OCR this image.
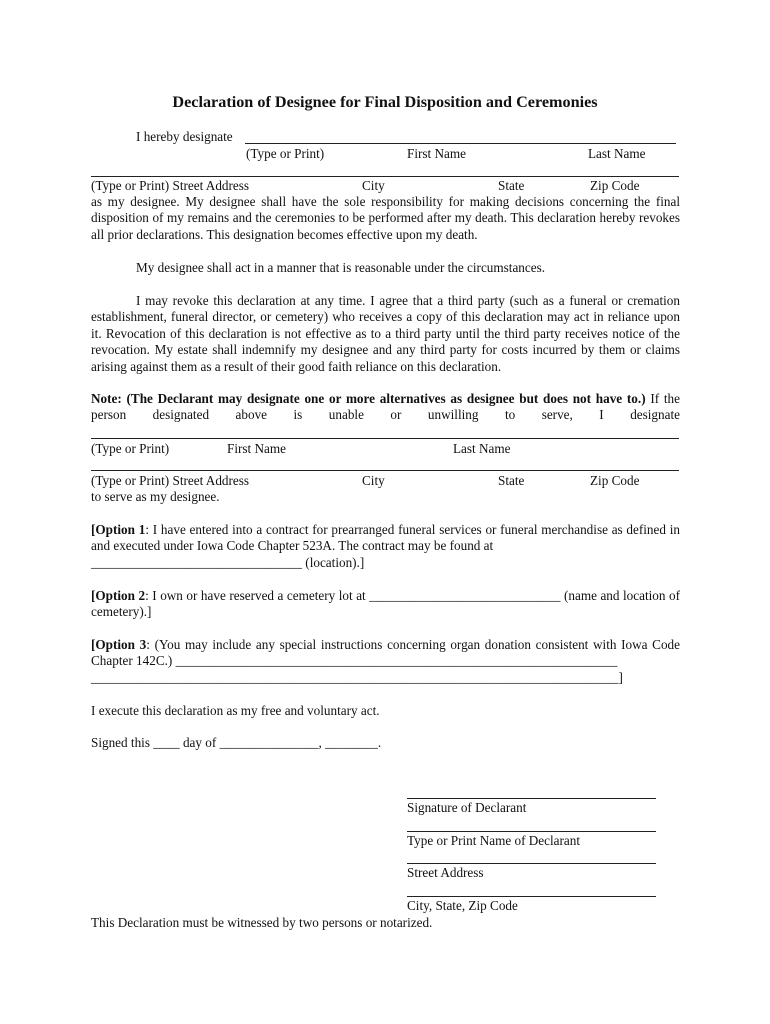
Declaration of Designee for Final Disposition and Ceremonies
I hereby designate
(Type or Print)	First Name	Last Name
(Type or Print) Street Address	City	State	Zip Code
as my designee. My designee shall have the sole responsibility for making decisions concerning the final disposition of my remains and the ceremonies to be performed after my death. This declaration hereby revokes all prior declarations. This designation becomes effective upon my death.
My designee shall act in a manner that is reasonable under the circumstances.
I may revoke this declaration at any time. I agree that a third party (such as a funeral or cremation establishment, funeral director, or cemetery) who receives a copy of this declaration may act in reliance upon it. Revocation of this declaration is not effective as to a third party until the third party receives notice of the revocation. My estate shall indemnify my designee and any third party for costs incurred by them or claims arising against them as a result of their good faith reliance on this declaration.
Note: (The Declarant may designate one or more alternatives as designee but does not have to.) If the person designated above is unable or unwilling to serve, I designate
(Type or Print)	First Name	Last Name
(Type or Print) Street Address	City	State	Zip Code
to serve as my designee.
[Option 1: I have entered into a contract for prearranged funeral services or funeral merchandise as defined in and executed under Iowa Code Chapter 523A. The contract may be found at
________________________________ (location).]
[Option 2: I own or have reserved a cemetery lot at _____________________________ (name and location of cemetery).]
[Option 3: (You may include any special instructions concerning organ donation consistent with Iowa Code Chapter 142C.) ___________________________________________________________________
________________________________________________________________________________]
I execute this declaration as my free and voluntary act.
Signed this ____ day of _______________, ________.
Signature of Declarant
Type or Print Name of Declarant
Street Address
City, State, Zip Code
This Declaration must be witnessed by two persons or notarized.
